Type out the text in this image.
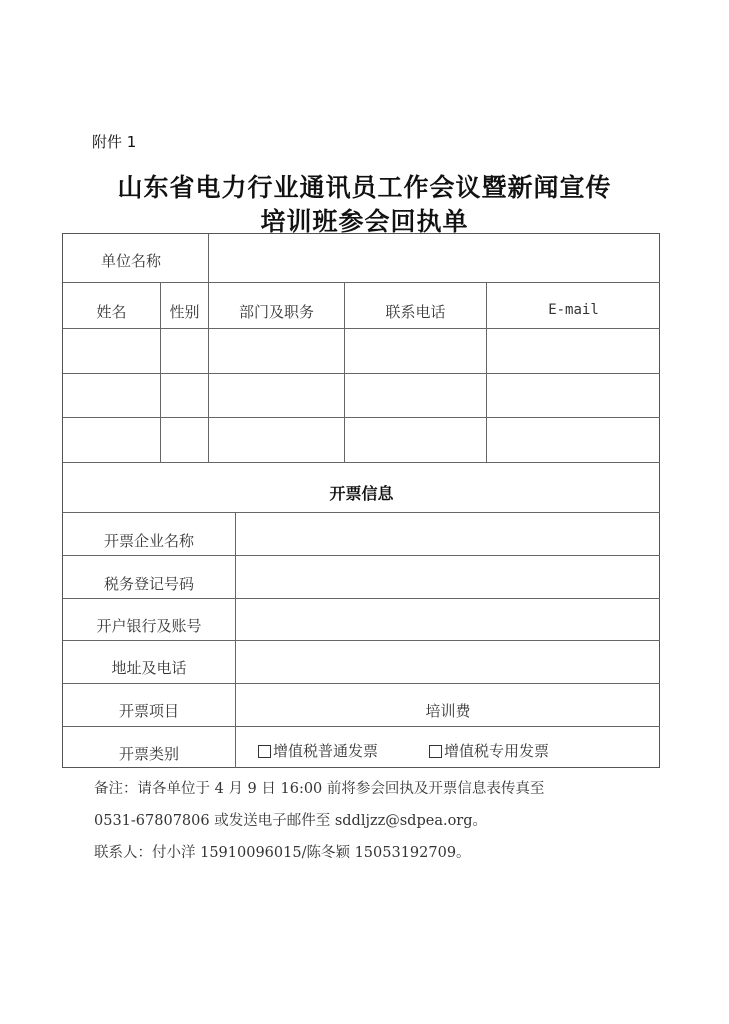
附件 1
山东省电力行业通讯员工作会议暨新闻宣传
培训班参会回执单
单位名称
姓名	性别	部门及职务	联系电话	E-mail
开票信息
开票企业名称
税务登记号码
开户银行及账号
地址及电话
开票项目	培训费
开票类别	增值税普通发票	增值税专用发票
备注：请各单位于 4 月 9 日 16:00 前将参会回执及开票信息表传真至
0531-67807806 或发送电子邮件至 sddljzz@sdpea.org。
联系人：付小洋 15910096015/陈冬颖 15053192709。
